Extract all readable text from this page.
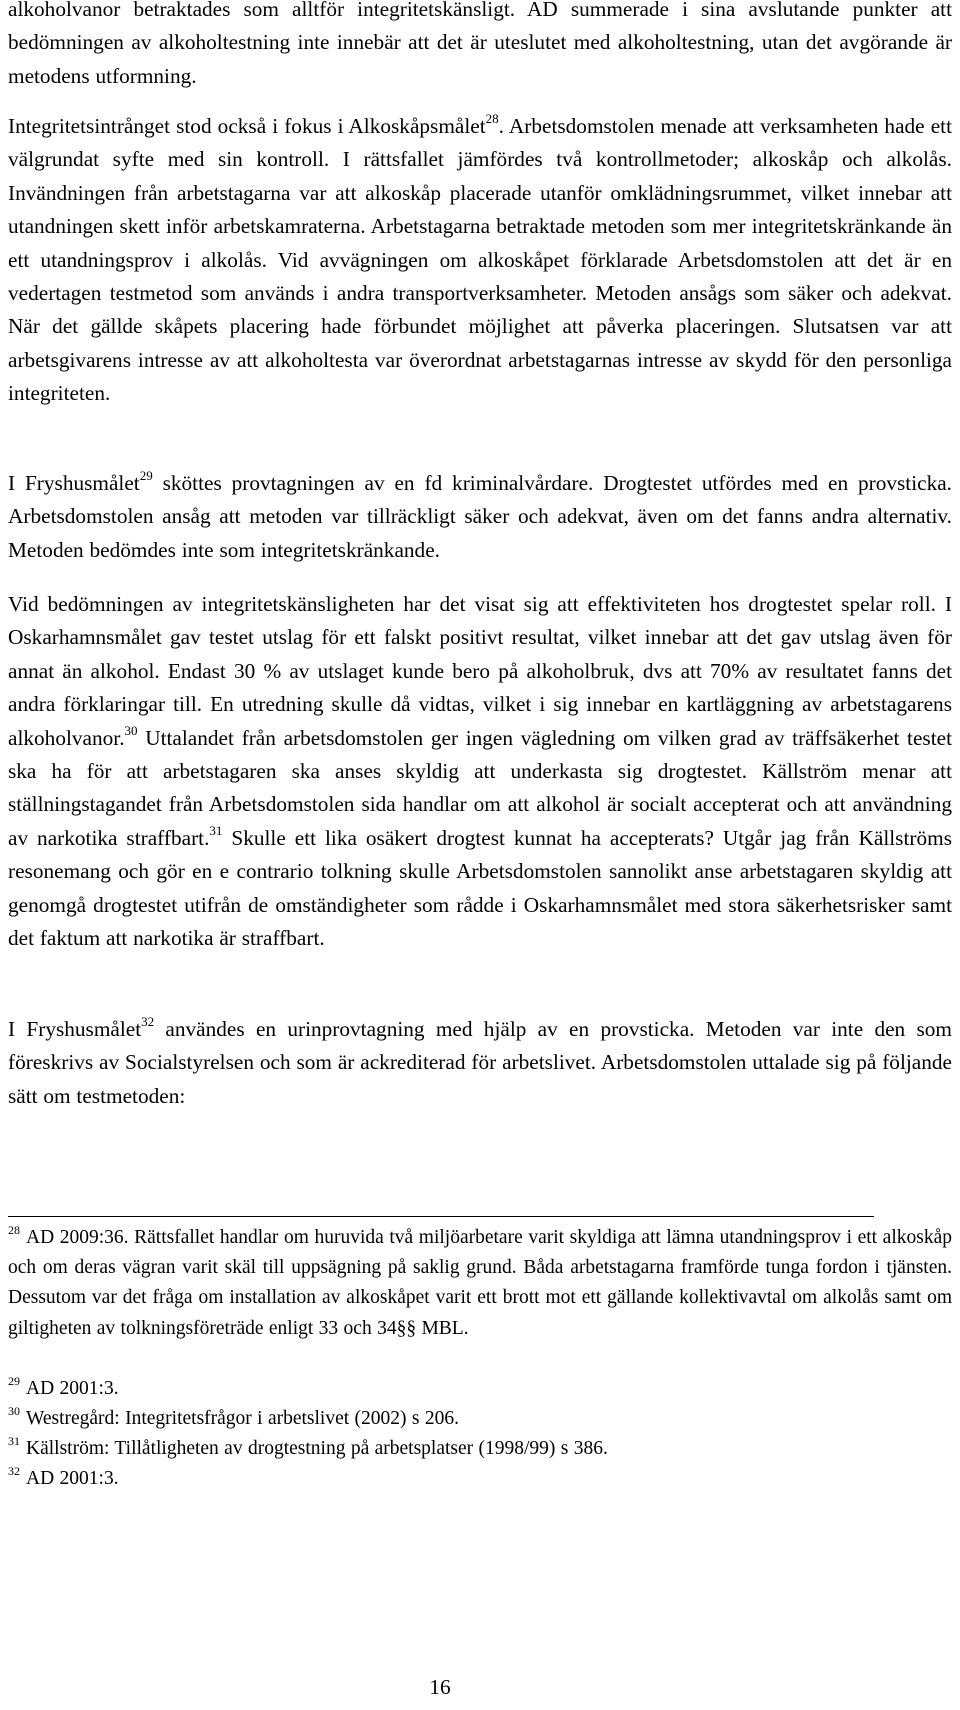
alkoholvanor betraktades som alltför integritetskänsligt. AD summerade i sina avslutande punkter att bedömningen av alkoholtestning inte innebär att det är uteslutet med alkoholtestning, utan det avgörande är metodens utformning.

Integritetsintrånget stod också i fokus i Alkoskåpsmålet$^{28}$. Arbetsdomstolen menade att verksamheten hade ett välgrundat syfte med sin kontroll. I rättsfallet jämfördes två kontrollmetoder; alkoskåp och alkolås. Invändningen från arbetstagarna var att alkoskåp placerade utanför omklädningsrummet, vilket innebar att utandningen skett inför arbetskamraterna. Arbetstagarna betraktade metoden som mer integritetskränkande än ett utandningsprov i alkolås. Vid avvägningen om alkoskåpet förklarade Arbetsdomstolen att det är en vedertagen testmetod som används i andra transportverksamheter. Metoden ansågs som säker och adekvat. När det gällde skåpets placering hade förbundet möjlighet att påverka placeringen. Slutsatsen var att arbetsgivarens intresse av att alkoholtesta var överordnat arbetstagarnas intresse av skydd för den personliga integriteten.

I Fryshusmålet$^{29}$ sköttes provtagningen av en fd kriminalvårdare. Drogtestet utfördes med en provsticka. Arbetsdomstolen ansåg att metoden var tillräckligt säker och adekvat, även om det fanns andra alternativ. Metoden bedömdes inte som integritetskränkande.

Vid bedömningen av integritetskänsligheten har det visat sig att effektiviteten hos drogtestet spelar roll. I Oskarhamnsmålet gav testet utslag för ett falskt positivt resultat, vilket innebar att det gav utslag även för annat än alkohol. Endast 30 % av utslaget kunde bero på alkoholbruk, dvs att 70% av resultatet fanns det andra förklaringar till. En utredning skulle då vidtas, vilket i sig innebar en kartläggning av arbetstagarens alkoholvanor.$^{30}$ Uttalandet från arbetsdomstolen ger ingen vägledning om vilken grad av träffsäkerhet testet ska ha för att arbetstagaren ska anses skyldig att underkasta sig drogtestet. Källström menar att ställningstagandet från Arbetsdomstolen sida handlar om att alkohol är socialt accepterat och att användning av narkotika straffbart.$^{31}$ Skulle ett lika osäkert drogtest kunnat ha accepterats? Utgår jag från Källströms resonemang och gör en e contrario tolkning skulle Arbetsdomstolen sannolikt anse arbetstagaren skyldig att genomgå drogtestet utifrån de omständigheter som rådde i Oskarhamnsmålet med stora säkerhetsrisker samt det faktum att narkotika är straffbart.

I Fryshusmålet$^{32}$ användes en urinprovtagning med hjälp av en provsticka. Metoden var inte den som föreskrivs av Socialstyrelsen och som är ackrediterad för arbetslivet. Arbetsdomstolen uttalade sig på följande sätt om testmetoden:

$^{28}$ AD 2009:36. Rättsfallet handlar om huruvida två miljöarbetare varit skyldiga att lämna utandningsprov i ett alkoskåp och om deras vägran varit skäl till uppsägning på saklig grund. Båda arbetstagarna framförde tunga fordon i tjänsten. Dessutom var det fråga om installation av alkoskåpet varit ett brott mot ett gällande kollektivavtal om alkolås samt om giltigheten av tolkningsföreträde enligt 33 och 34§§ MBL.

$^{29}$ AD 2001:3.

$^{30}$ Westregård: Integritetsfrågor i arbetslivet (2002) s 206.

$^{31}$ Källström: Tillåtligheten av drogtestning på arbetsplatser (1998/99) s 386.

$^{32}$ AD 2001:3.

16
